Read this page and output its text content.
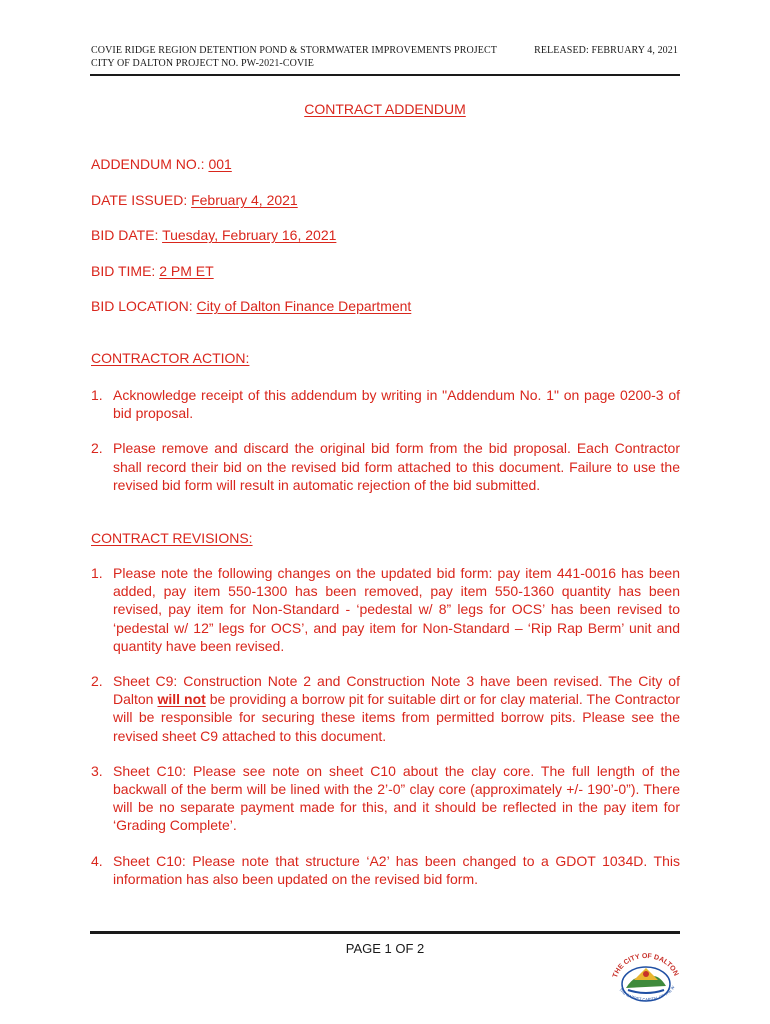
COVIE RIDGE REGION DETENTION POND & STORMWATER IMPROVEMENTS PROJECT
CITY OF DALTON PROJECT NO. PW-2021-COVIE
RELEASED: FEBRUARY 4, 2021
CONTRACT ADDENDUM
ADDENDUM NO.: 001
DATE ISSUED: February 4, 2021
BID DATE: Tuesday, February 16, 2021
BID TIME: 2 PM ET
BID LOCATION: City of Dalton Finance Department
CONTRACTOR ACTION:
1. Acknowledge receipt of this addendum by writing in "Addendum No. 1" on page 0200-3 of bid proposal.
2. Please remove and discard the original bid form from the bid proposal. Each Contractor shall record their bid on the revised bid form attached to this document. Failure to use the revised bid form will result in automatic rejection of the bid submitted.
CONTRACT REVISIONS:
1. Please note the following changes on the updated bid form: pay item 441-0016 has been added, pay item 550-1300 has been removed, pay item 550-1360 quantity has been revised, pay item for Non-Standard - ‘pedestal w/ 8” legs for OCS’ has been revised to ‘pedestal w/ 12” legs for OCS’, and pay item for Non-Standard – ‘Rip Rap Berm’ unit and quantity have been revised.
2. Sheet C9: Construction Note 2 and Construction Note 3 have been revised. The City of Dalton will not be providing a borrow pit for suitable dirt or for clay material. The Contractor will be responsible for securing these items from permitted borrow pits. Please see the revised sheet C9 attached to this document.
3. Sheet C10: Please see note on sheet C10 about the clay core. The full length of the backwall of the berm will be lined with the 2’-0” clay core (approximately +/- 190’-0”). There will be no separate payment made for this, and it should be reflected in the pay item for ‘Grading Complete’.
4. Sheet C10: Please note that structure ‘A2’ has been changed to a GDOT 1034D. This information has also been updated on the revised bid form.
PAGE 1 OF 2
THE CITY OF DALTON
THE CARPET CAPITAL OF THE W
